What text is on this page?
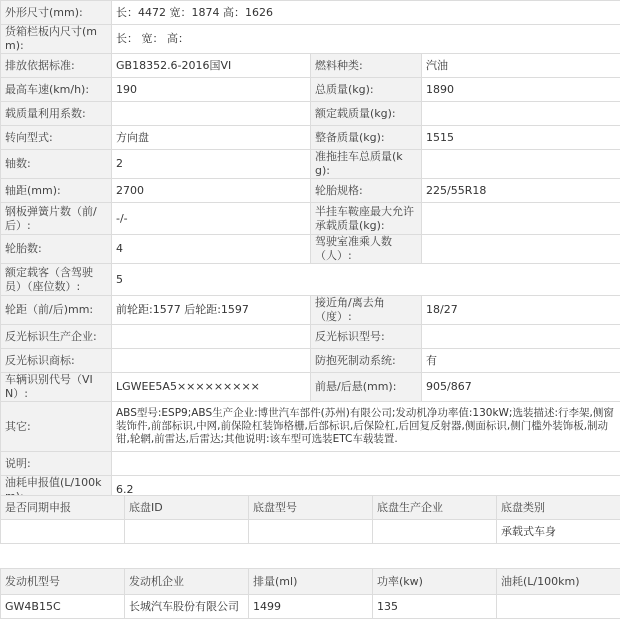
外形尺寸(mm):	长：4472 宽：1874 高：1626		
货箱栏板内尺寸(mm):	长： 宽： 高：		
排放依据标准:	GB18352.6-2016国VI	燃料种类:	汽油
最高车速(km/h):	190	总质量(kg):	1890
载质量利用系数:		额定载质量(kg):	
转向型式:	方向盘	整备质量(kg):	1515
轴数:	2	准拖挂车总质量(kg):	
轴距(mm):	2700	轮胎规格:	225/55R18
钢板弹簧片数（前/后）:	-/-	半挂车鞍座最大允许承载质量(kg):	
轮胎数:	4	驾驶室准乘人数（人）:	
额定载客（含驾驶员）（座位数）:	5		
轮距（前/后)mm:	前轮距:1577 后轮距:1597	接近角/离去角（度）:	18/27
反光标识生产企业:		反光标识型号:	
反光标识商标:		防抱死制动系统:	有
车辆识别代号（VIN）:	LGWEE5A5×××××××××	前悬/后悬(mm):	905/867
其它:	ABS型号:ESP9;ABS生产企业:博世汽车部件(苏州)有限公司;发动机净功率值:130kW;选装描述:行李架,侧窗装饰件,前部标识,中网,前保险杠装饰格栅,后部标识,后保险杠,后回复反射器,侧面标识,侧门槛外装饰板,制动钳,轮辋,前雷达,后雷达;其他说明:该车型可选装ETC车载装置.		
说明:			
油耗申报值(L/100k	6.2		
是否同期申报	底盘ID	底盘型号	底盘生产企业	底盘类别
				承载式车身
发动机型号	发动机企业	排量(ml)	功率(kw)	油耗(L/100km)
GW4B15C	长城汽车股份有限公司	1499	135	
